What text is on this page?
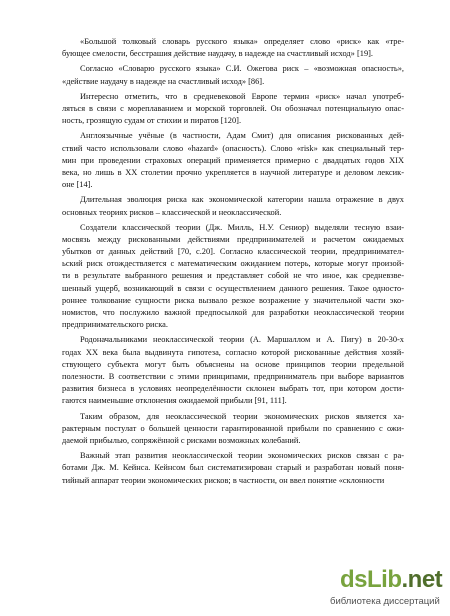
«Большой толковый словарь русского языка» определяет слово «риск» как «тре-
бующее смелости, бесстрашия действие наудачу, в надежде на счастливый исход» [19].
Согласно «Словарю русского языка» С.И. Ожегова риск – «возможная опасность»,
«действие наудачу в надежде на счастливый исход» [86].
Интересно отметить, что в средневековой Европе термин «риск» начал употреб-
ляться в связи с мореплаванием и морской торговлей. Он обозначал потенциальную опас-
ность, грозящую судам от стихии и пиратов [120].
Англоязычные учёные (в частности, Адам Смит) для описания рискованных дей-
ствий часто использовали слово «hazard» (опасность). Слово «risk» как специальный тер-
мин при проведении страховых операций применяется примерно с двадцатых годов XIX
века, но лишь в XX столетии прочно укрепляется в научной литературе и деловом лексик-
оне [14].
Длительная эволюция риска как экономической категории нашла отражение в двух
основных теориях рисков – классической и неоклассической.
Создатели классической теории (Дж. Милль, Н.У. Сениор) выделяли тесную взаи-
мосвязь между рискованными действиями предпринимателей и расчетом ожидаемых
убытков от данных действий [70, c.20]. Согласно классической теории, предпринимател-
ьский риск отождествляется с математическим ожиданием потерь, которые могут произой-
ти в результате выбранного решения и представляет собой не что иное, как средневзве-
шенный ущерб, возникающий в связи с осуществлением данного решения. Такое односто-
роннее толкование сущности риска вызвало резкое возражение у значительной части эко-
номистов, что послужило важной предпосылкой для разработки неоклассической теории
предпринимательского риска.
Родоначальниками неоклассической теории (А. Маршаллом и А. Пигу) в 20-30-х
годах XX века была выдвинута гипотеза, согласно которой рискованные действия хозяй-
ствующего субъекта могут быть объяснены на основе принципов теории предельной
полезности. В соответствии с этими принципами, предприниматель при выборе вариантов
развития бизнеса в условиях неопределённости склонен выбрать тот, при котором дости-
гаются наименьшие отклонения ожидаемой прибыли [91, 111].
Таким образом, для неоклассической теории экономических рисков является ха-
рактерным постулат о большей ценности гарантированной прибыли по сравнению с ожи-
даемой прибылью, сопряжённой с рисками возможных колебаний.
Важный этап развития неоклассической теории экономических рисков связан с ра-
ботами Дж. М. Кейнса. Кейнсом был систематизирован старый и разработан новый поня-
тийный аппарат теории экономических рисков; в частности, он ввел понятие «склонности
dsLib.net
библиотека диссертаций
